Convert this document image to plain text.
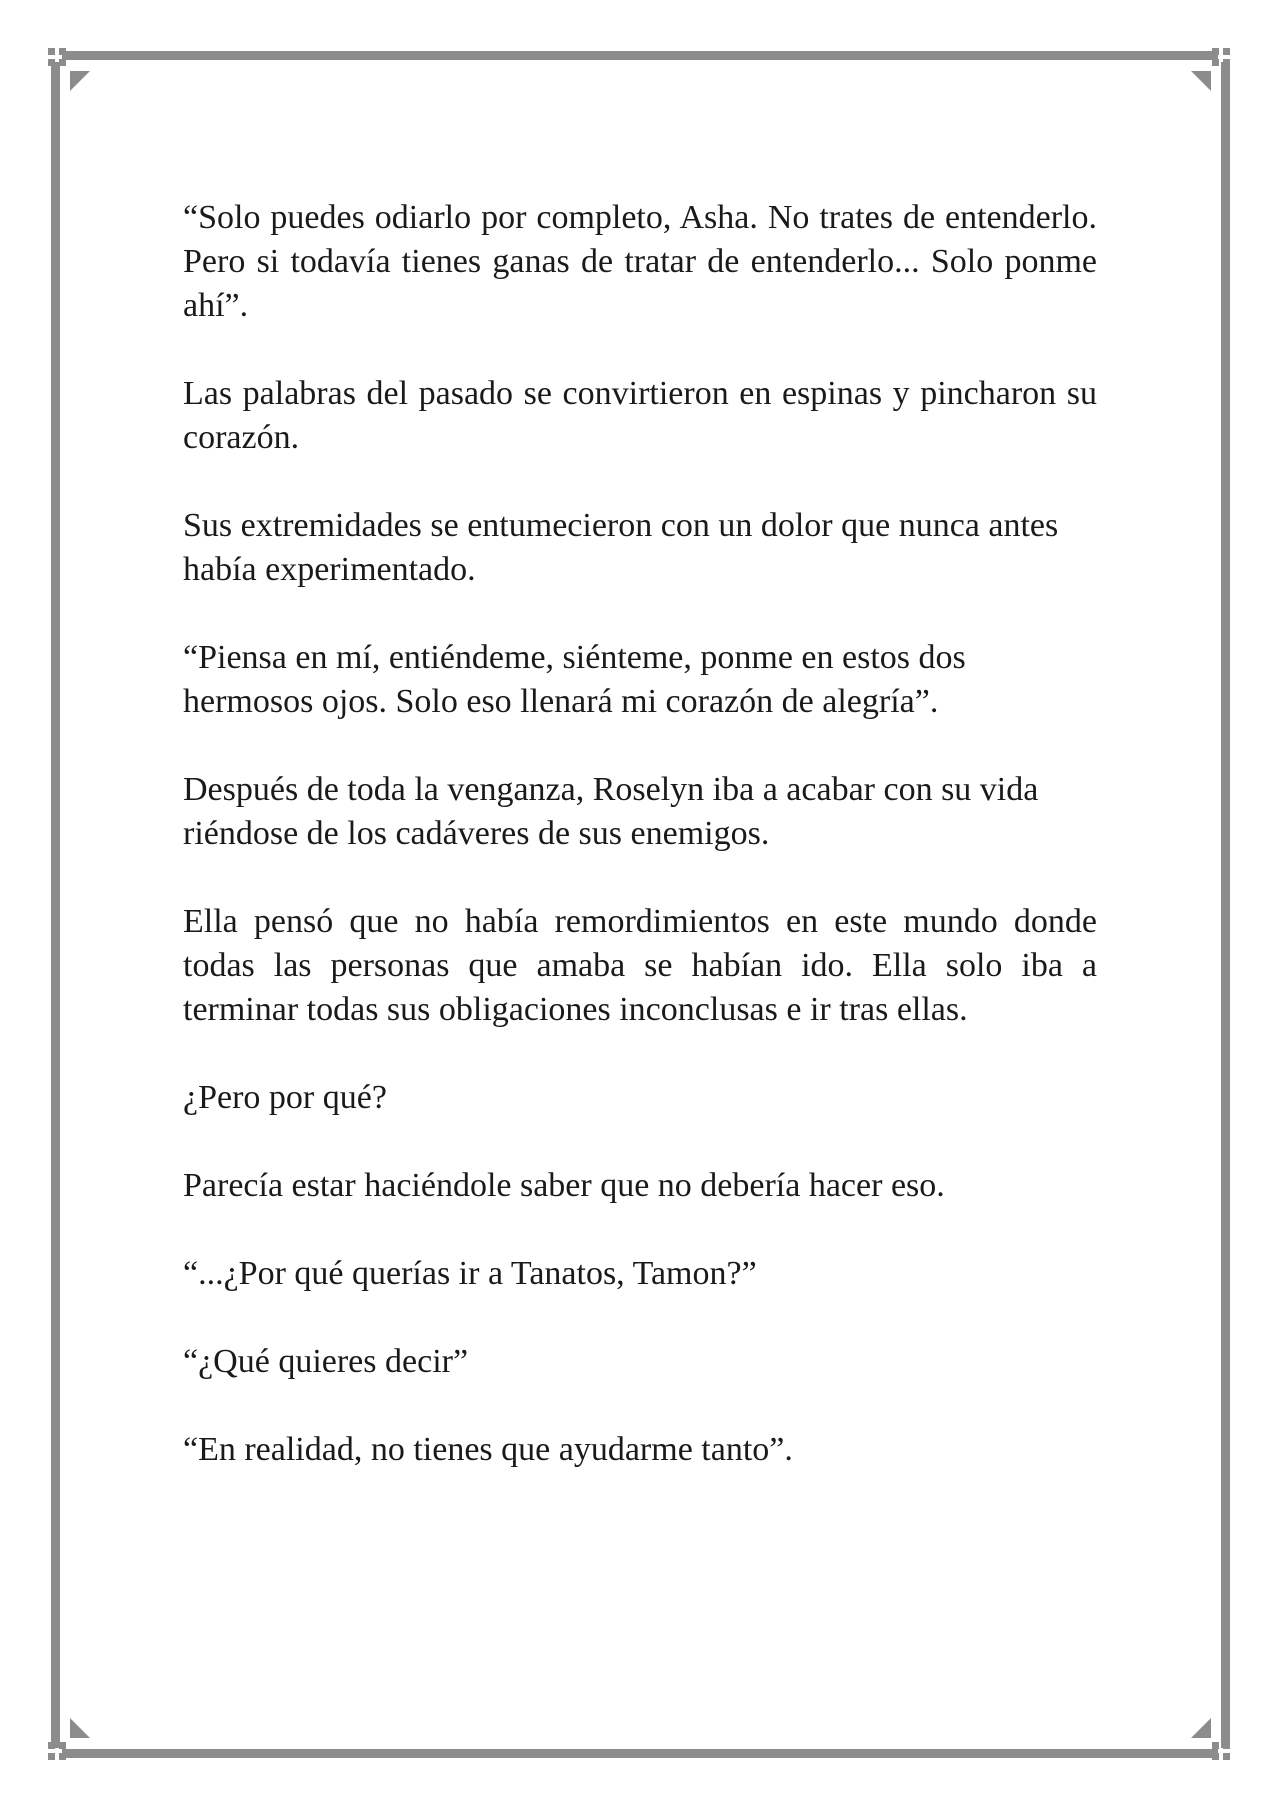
“Solo puedes odiarlo por completo, Asha. No trates de entenderlo. Pero si todavía tienes ganas de tratar de entenderlo... Solo ponme ahí”.

Las palabras del pasado se convirtieron en espinas y pincharon su corazón.

Sus extremidades se entumecieron con un dolor que nunca antes había experimentado.

“Piensa en mí, entiéndeme, siénteme, ponme en estos dos hermosos ojos. Solo eso llenará mi corazón de alegría”.

Después de toda la venganza, Roselyn iba a acabar con su vida riéndose de los cadáveres de sus enemigos.

Ella pensó que no había remordimientos en este mundo donde todas las personas que amaba se habían ido. Ella solo iba a terminar todas sus obligaciones inconclusas e ir tras ellas.

¿Pero por qué?

Parecía estar haciéndole saber que no debería hacer eso.

“...¿Por qué querías ir a Tanatos, Tamon?”

“¿Qué quieres decir”

“En realidad, no tienes que ayudarme tanto”.
